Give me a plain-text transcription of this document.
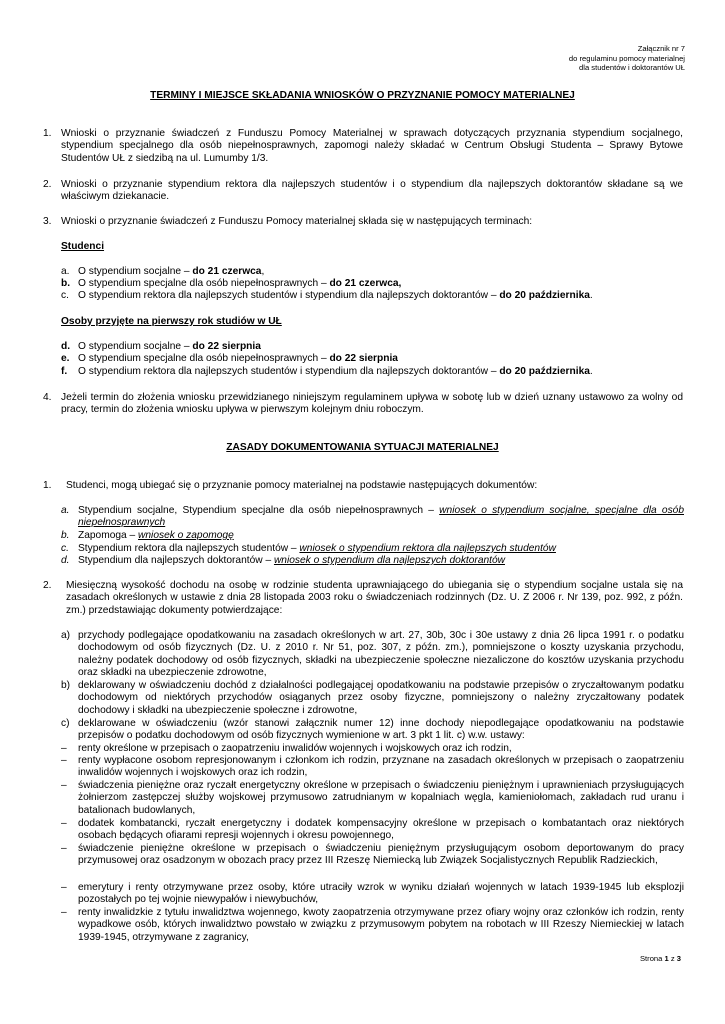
Załącznik nr 7
do regulaminu pomocy materialnej
dla studentów i doktorantów UŁ
TERMINY I MIEJSCE SKŁADANIA WNIOSKÓW O PRZYZNANIE POMOCY MATERIALNEJ
1. Wnioski o przyznanie świadczeń z Funduszu Pomocy Materialnej w sprawach dotyczących przyznania stypendium socjalnego, stypendium specjalnego dla osób niepełnosprawnych, zapomogi należy składać w Centrum Obsługi Studenta – Sprawy Bytowe Studentów UŁ z siedzibą na ul. Lumumby 1/3.
2. Wnioski o przyznanie stypendium rektora dla najlepszych studentów i o stypendium dla najlepszych doktorantów składane są we właściwym dziekanacie.
3. Wnioski o przyznanie świadczeń z Funduszu Pomocy materialnej składa się w następujących terminach:
Studenci
a. O stypendium socjalne – do 21 czerwca,
b. O stypendium specjalne dla osób niepełnosprawnych – do 21 czerwca,
c. O stypendium rektora dla najlepszych studentów i stypendium dla najlepszych doktorantów – do 20 października.
Osoby przyjęte na pierwszy rok studiów w UŁ
d. O stypendium socjalne – do 22 sierpnia
e. O stypendium specjalne dla osób niepełnosprawnych – do 22 sierpnia
f. O stypendium rektora dla najlepszych studentów i stypendium dla najlepszych doktorantów – do 20 października.
4. Jeżeli termin do złożenia wniosku przewidzianego niniejszym regulaminem upływa w sobotę lub w dzień uznany ustawowo za wolny od pracy, termin do złożenia wniosku upływa w pierwszym kolejnym dniu roboczym.
ZASADY DOKUMENTOWANIA SYTUACJI MATERIALNEJ
1. Studenci, mogą ubiegać się o przyznanie pomocy materialnej na podstawie następujących dokumentów:
a. Stypendium socjalne, Stypendium specjalne dla osób niepełnosprawnych – wniosek o stypendium socjalne, specjalne dla osób niepełnosprawnych
b. Zapomoga – wniosek o zapomogę
c. Stypendium rektora dla najlepszych studentów – wniosek o stypendium rektora dla najlepszych studentów
d. Stypendium dla najlepszych doktorantów – wniosek o stypendium dla najlepszych doktorantów
2. Miesięczną wysokość dochodu na osobę w rodzinie studenta uprawniającego do ubiegania się o stypendium socjalne ustala się na zasadach określonych w ustawie z dnia 28 listopada 2003 roku o świadczeniach rodzinnych (Dz. U. Z 2006 r. Nr 139, poz. 992, z późn. zm.) przedstawiając dokumenty potwierdzające:
a) przychody podlegające opodatkowaniu na zasadach określonych w art. 27, 30b, 30c i 30e ustawy z dnia 26 lipca 1991 r. o podatku dochodowym od osób fizycznych (Dz. U. z 2010 r. Nr 51, poz. 307, z późn. zm.), pomniejszone o koszty uzyskania przychodu, należny podatek dochodowy od osób fizycznych, składki na ubezpieczenie społeczne niezaliczone do kosztów uzyskania przychodu oraz składki na ubezpieczenie zdrowotne,
b) deklarowany w oświadczeniu dochód z działalności podlegającej opodatkowaniu na podstawie przepisów o zryczałtowanym podatku dochodowym od niektórych przychodów osiąganych przez osoby fizyczne, pomniejszony o należny zryczałtowany podatek dochodowy i składki na ubezpieczenie społeczne i zdrowotne,
c) deklarowane w oświadczeniu (wzór stanowi załącznik numer 12) inne dochody niepodlegające opodatkowaniu na podstawie przepisów o podatku dochodowym od osób fizycznych wymienione w art. 3 pkt 1 lit. c) w.w. ustawy:
– renty określone w przepisach o zaopatrzeniu inwalidów wojennych i wojskowych oraz ich rodzin,
– renty wypłacone osobom represjonowanym i członkom ich rodzin, przyznane na zasadach określonych w przepisach o zaopatrzeniu inwalidów wojennych i wojskowych oraz ich rodzin,
– świadczenia pieniężne oraz ryczałt energetyczny określone w przepisach o świadczeniu pieniężnym i uprawnieniach przysługujących żołnierzom zastępczej służby wojskowej przymusowo zatrudnianym w kopalniach węgla, kamieniołomach, zakładach rud uranu i batalionach budowlanych,
– dodatek kombatancki, ryczałt energetyczny i dodatek kompensacyjny określone w przepisach o kombatantach oraz niektórych osobach będących ofiarami represji wojennych i okresu powojennego,
– świadczenie pieniężne określone w przepisach o świadczeniu pieniężnym przysługującym osobom deportowanym do pracy przymusowej oraz osadzonym w obozach pracy przez III Rzeszę Niemiecką lub Związek Socjalistycznych Republik Radzieckich,
– emerytury i renty otrzymywane przez osoby, które utraciły wzrok w wyniku działań wojennych w latach 1939-1945 lub eksplozji pozostałych po tej wojnie niewypałów i niewybuchów,
– renty inwalidzkie z tytułu inwalidztwa wojennego, kwoty zaopatrzenia otrzymywane przez ofiary wojny oraz członków ich rodzin, renty wypadkowe osób, których inwalidztwo powstało w związku z przymusowym pobytem na robotach w III Rzeszy Niemieckiej w latach 1939-1945, otrzymywane z zagranicy,
Strona 1 z 3
